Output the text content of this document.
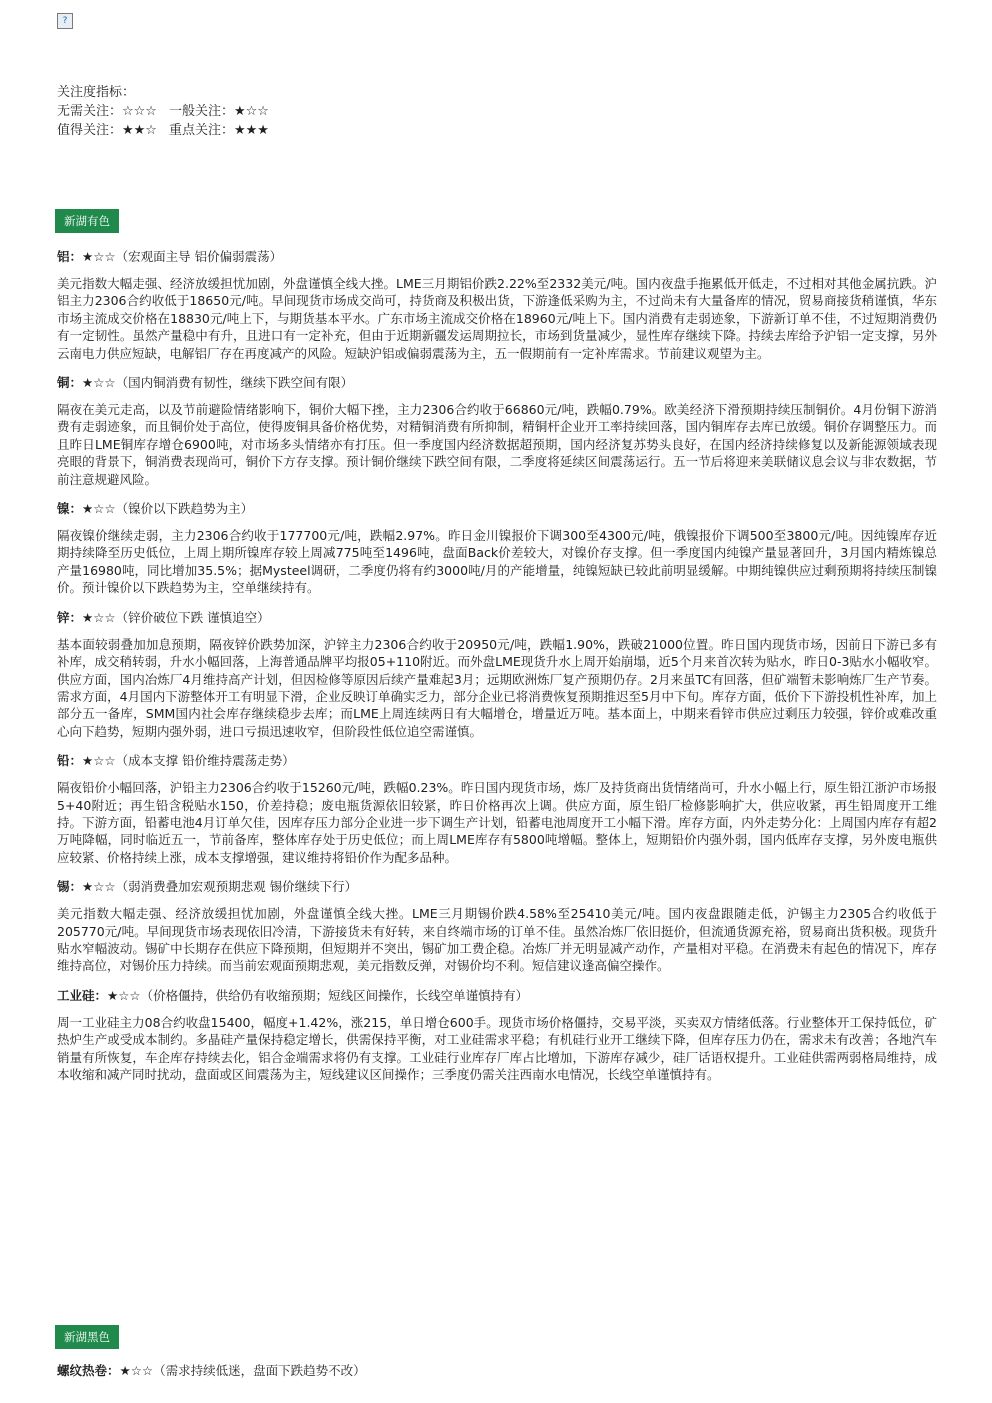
?
关注度指标：
无需关注：☆☆☆ 一般关注：★☆☆
值得关注：★★☆ 重点关注：★★★
新湖有色

铝：★☆☆（宏观面主导 铝价偏弱震荡）

美元指数大幅走强、经济放缓担忧加剧，外盘谨慎全线大挫。LME三月期铝价跌2.22%至2332美元/吨。国内夜盘手拖累低开低走，不过相对其他金属抗跌。沪铝主力2306合约收低于18650元/吨。早间现货市场成交尚可，持货商及积极出货，下游逢低采购为主，不过尚未有大量备库的情况，贸易商接货稍谨慎，华东市场主流成交价格在18830元/吨上下，与期货基本平水。广东市场主流成交价格在18960元/吨上下。国内消费有走弱迹象，下游新订单不佳，不过短期消费仍有一定韧性。虽然产量稳中有升，且进口有一定补充，但由于近期新疆发运周期拉长，市场到货量减少，显性库存继续下降。持续去库给予沪铝一定支撑，另外云南电力供应短缺，电解铝厂存在再度减产的风险。短缺沪铝或偏弱震荡为主，五一假期前有一定补库需求。节前建议观望为主。

铜：★☆☆（国内铜消费有韧性，继续下跌空间有限）

隔夜在美元走高，以及节前避险情绪影响下，铜价大幅下挫，主力2306合约收于66860元/吨，跌幅0.79%。欧美经济下滑预期持续压制铜价。4月份铜下游消费有走弱迹象，而且铜价处于高位，使得废铜具备价格优势，对精铜消费有所抑制，精铜杆企业开工率持续回落，国内铜库存去库已放缓。铜价存调整压力。而且昨日LME铜库存增仓6900吨，对市场多头情绪亦有打压。但一季度国内经济数据超预期，国内经济复苏势头良好，在国内经济持续修复以及新能源领域表现亮眼的背景下，铜消费表现尚可，铜价下方存支撑。预计铜价继续下跌空间有限，二季度将延续区间震荡运行。五一节后将迎来美联储议息会议与非农数据，节前注意规避风险。

镍：★☆☆（镍价以下跌趋势为主）

隔夜镍价继续走弱，主力2306合约收于177700元/吨，跌幅2.97%。昨日金川镍报价下调300至4300元/吨，俄镍报价下调500至3800元/吨。因纯镍库存近期持续降至历史低位，上周上期所镍库存较上周减775吨至1496吨，盘面Back价差较大，对镍价存支撑。但一季度国内纯镍产量显著回升，3月国内精炼镍总产量16980吨，同比增加35.5%；据Mysteel调研，二季度仍将有约3000吨/月的产能增量，纯镍短缺已较此前明显缓解。中期纯镍供应过剩预期将持续压制镍价。预计镍价以下跌趋势为主，空单继续持有。

锌：★☆☆（锌价破位下跌 谨慎追空）

基本面较弱叠加加息预期，隔夜锌价跌势加深，沪锌主力2306合约收于20950元/吨，跌幅1.90%，跌破21000位置。昨日国内现货市场，因前日下游已多有补库，成交稍转弱，升水小幅回落，上海普通品牌平均报05+110附近。而外盘LME现货升水上周开始崩塌，近5个月来首次转为贴水，昨日0-3贴水小幅收窄。供应方面，国内冶炼厂4月维持高产计划，但因检修等原因后续产量难起3月；远期欧洲炼厂复产预期仍存。2月来虽TC有回落，但矿端暂未影响炼厂生产节奏。需求方面，4月国内下游整体开工有明显下滑，企业反映订单确实乏力，部分企业已将消费恢复预期推迟至5月中下旬。库存方面，低价下下游投机性补库，加上部分五一备库，SMM国内社会库存继续稳步去库；而LME上周连续两日有大幅增仓，增量近万吨。基本面上，中期来看锌市供应过剩压力较强，锌价或难改重心向下趋势，短期内强外弱，进口亏损迅速收窄，但阶段性低位追空需谨慎。

铅：★☆☆（成本支撑 铅价维持震荡走势）

隔夜铅价小幅回落，沪铅主力2306合约收于15260元/吨，跌幅0.23%。昨日国内现货市场，炼厂及持货商出货情绪尚可，升水小幅上行，原生铅江浙沪市场报5+40附近；再生铅含税贴水150，价差持稳；废电瓶货源依旧较紧，昨日价格再次上调。供应方面，原生铅厂检修影响扩大，供应收紧，再生铅周度开工维持。下游方面，铅蓄电池4月订单欠佳，因库存压力部分企业进一步下调生产计划，铅蓄电池周度开工小幅下滑。库存方面，内外走势分化：上周国内库存有超2万吨降幅，同时临近五一，节前备库，整体库存处于历史低位；而上周LME库存有5800吨增幅。整体上，短期铅价内强外弱，国内低库存支撑，另外废电瓶供应较紧、价格持续上涨，成本支撑增强，建议维持将铅价作为配多品种。

锡：★☆☆（弱消费叠加宏观预期悲观 锡价继续下行）

美元指数大幅走强、经济放缓担忧加剧，外盘谨慎全线大挫。LME三月期锡价跌4.58%至25410美元/吨。国内夜盘跟随走低，沪锡主力2305合约收低于205770元/吨。早间现货市场表现依旧冷清，下游接货未有好转，来自终端市场的订单不佳。虽然冶炼厂依旧挺价，但流通货源充裕，贸易商出货积极。现货升贴水窄幅波动。锡矿中长期存在供应下降预期，但短期并不突出，锡矿加工费企稳。冶炼厂并无明显减产动作，产量相对平稳。在消费未有起色的情况下，库存维持高位，对锡价压力持续。而当前宏观面预期悲观，美元指数反弹，对锡价均不利。短信建议逢高偏空操作。

工业硅：★☆☆（价格僵持，供给仍有收缩预期；短线区间操作，长线空单谨慎持有）

周一工业硅主力08合约收盘15400，幅度+1.42%，涨215，单日增仓600手。现货市场价格僵持，交易平淡，买卖双方情绪低落。行业整体开工保持低位，矿热炉生产或受成本制约。多晶硅产量保持稳定增长，供需保持平衡，对工业硅需求平稳；有机硅行业开工继续下降，但库存压力仍在，需求未有改善；各地汽车销量有所恢复，车企库存持续去化，铝合金端需求将仍有支撑。工业硅行业库存厂库占比增加，下游库存减少，硅厂话语权提升。工业硅供需两弱格局维持，成本收缩和减产同时扰动，盘面或区间震荡为主，短线建议区间操作；三季度仍需关注西南水电情况，长线空单谨慎持有。

新湖黑色

螺纹热卷：★☆☆（需求持续低迷，盘面下跌趋势不改）
